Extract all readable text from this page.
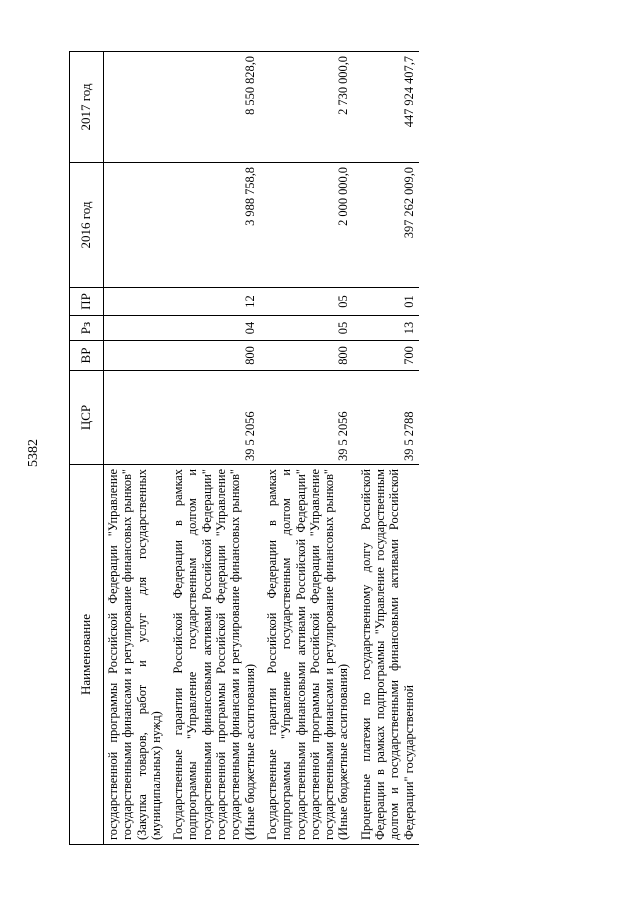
5382
Наименование	ЦСР	ВР	Рз	ПР	2016 год	2017 год
государственной программы Российской Федерации "Управление государственными финансами и регулирование финансовых рынков" (Закупка товаров, работ и услуг для государственных (муниципальных) нужд)						
Государственные гарантии Российской Федерации в рамках подпрограммы "Управление государственным долгом и государственными финансовыми активами Российской Федерации" государственной программы Российской Федерации "Управление государственными финансами и регулирование финансовых рынков" (Иные бюджетные ассигнования)	39 5 2056	800	04	12	3 988 758,8	8 550 828,0
Государственные гарантии Российской Федерации в рамках подпрограммы "Управление государственным долгом и государственными финансовыми активами Российской Федерации" государственной программы Российской Федерации "Управление государственными финансами и регулирование финансовых рынков" (Иные бюджетные ассигнования)	39 5 2056	800	05	05	2 000 000,0	2 730 000,0
Процентные платежи по государственному долгу Российской Федерации в рамках подпрограммы "Управление государственным долгом и государственными финансовыми активами Российской Федерации" государственной	39 5 2788	700	13	01	397 262 009,0	447 924 407,7
